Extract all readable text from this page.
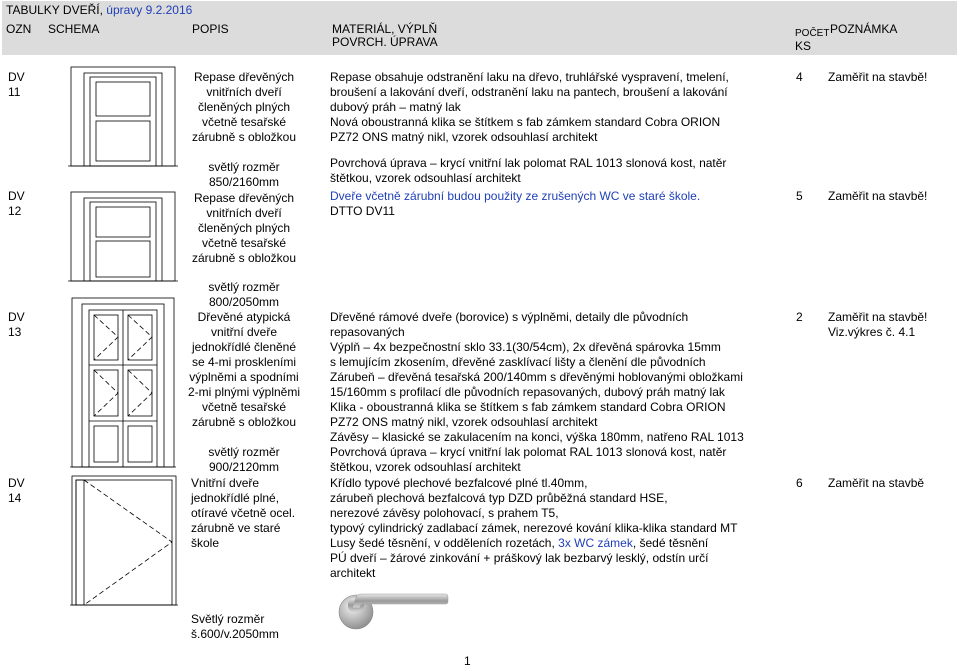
TABULKY DVEŘÍ, úpravy 9.2.2016
OZN SCHEMA	POPIS	MATERIÁL, VÝPLŇ
POVRCH. ÚPRAVA
POČET
KS
POZNÁMKA
DV
11
Repase dřevěných
vnitřních dveří
členěných plných
včetně tesařské
zárubně s obložkou
světlý rozměr
850/2160mm
Repase obsahuje odstranění laku na dřevo, truhlářské vyspravení, tmelení,
broušení a lakování dveří, odstranění laku na pantech, broušení a lakování
dubový práh – matný lak
Nová oboustranná klika se štítkem s fab zámkem standard Cobra ORION
PZ72 ONS matný nikl, vzorek odsouhlasí architekt
Povrchová úprava – krycí vnitřní lak polomat RAL 1013 slonová kost, natěr
štětkou, vzorek odsouhlasí architekt
4 Zaměřit na stavbě!
DV
12
Repase dřevěných
vnitřních dveří
členěných plných
včetně tesařské
zárubně s obložkou
světlý rozměr
800/2050mm
Dveře včetně zárubní budou použity ze zrušených WC ve staré škole.
DTTO DV11
5 Zaměřit na stavbě!
DV
13
Dřevěné atypická
vnitřní dveře
jednokřídlé členěné
se 4-mi proskleními
výplněmi a spodními
2-mi plnými výplněmi
včetně tesařské
zárubně s obložkou
světlý rozměr
900/2120mm
Dřevěné rámové dveře (borovice) s výplněmi, detaily dle původních
repasovaných
Výplň – 4x bezpečnostní sklo 33.1(30/54cm), 2x dřevěná spárovka 15mm
s lemujícím zkosením, dřevěné zasklívací lišty a členění dle původních
Zárubeň – dřevěná tesařská 200/140mm s dřevěnými hoblovanými obložkami
15/160mm s profilací dle původních repasovaných, dubový práh matný lak
Klika - oboustranná klika se štítkem s fab zámkem standard Cobra ORION
PZ72 ONS matný nikl, vzorek odsouhlasí architekt
Závěsy – klasické se zakulacením na konci, výška 180mm, natřeno RAL 1013
Povrchová úprava – krycí vnitřní lak polomat RAL 1013 slonová kost, natěr
štětkou, vzorek odsouhlasí architekt
2 Zaměřit na stavbě!
Viz.výkres č. 4.1
DV
14
Vnitřní dveře
jednokřídlé plné,
otíravé včetně ocel.
zárubně ve staré
škole
Světlý rozměr
š.600/v.2050mm
Křídlo typové plechové bezfalcové plné tl.40mm,
zárubeň plechová bezfalcová typ DZD průběžná standard HSE,
nerezové závěsy polohovací, s prahem T5,
typový cylindrický zadlabací zámek, nerezové kování klika-klika standard MT
Lusy šedé těsnění, v odděleních rozetách, 3x WC zámek, šedé těsnění
PÚ dveří – žárové zinkování + práškový lak bezbarvý lesklý, odstín určí
architekt
6 Zaměřit na stavbě
1
